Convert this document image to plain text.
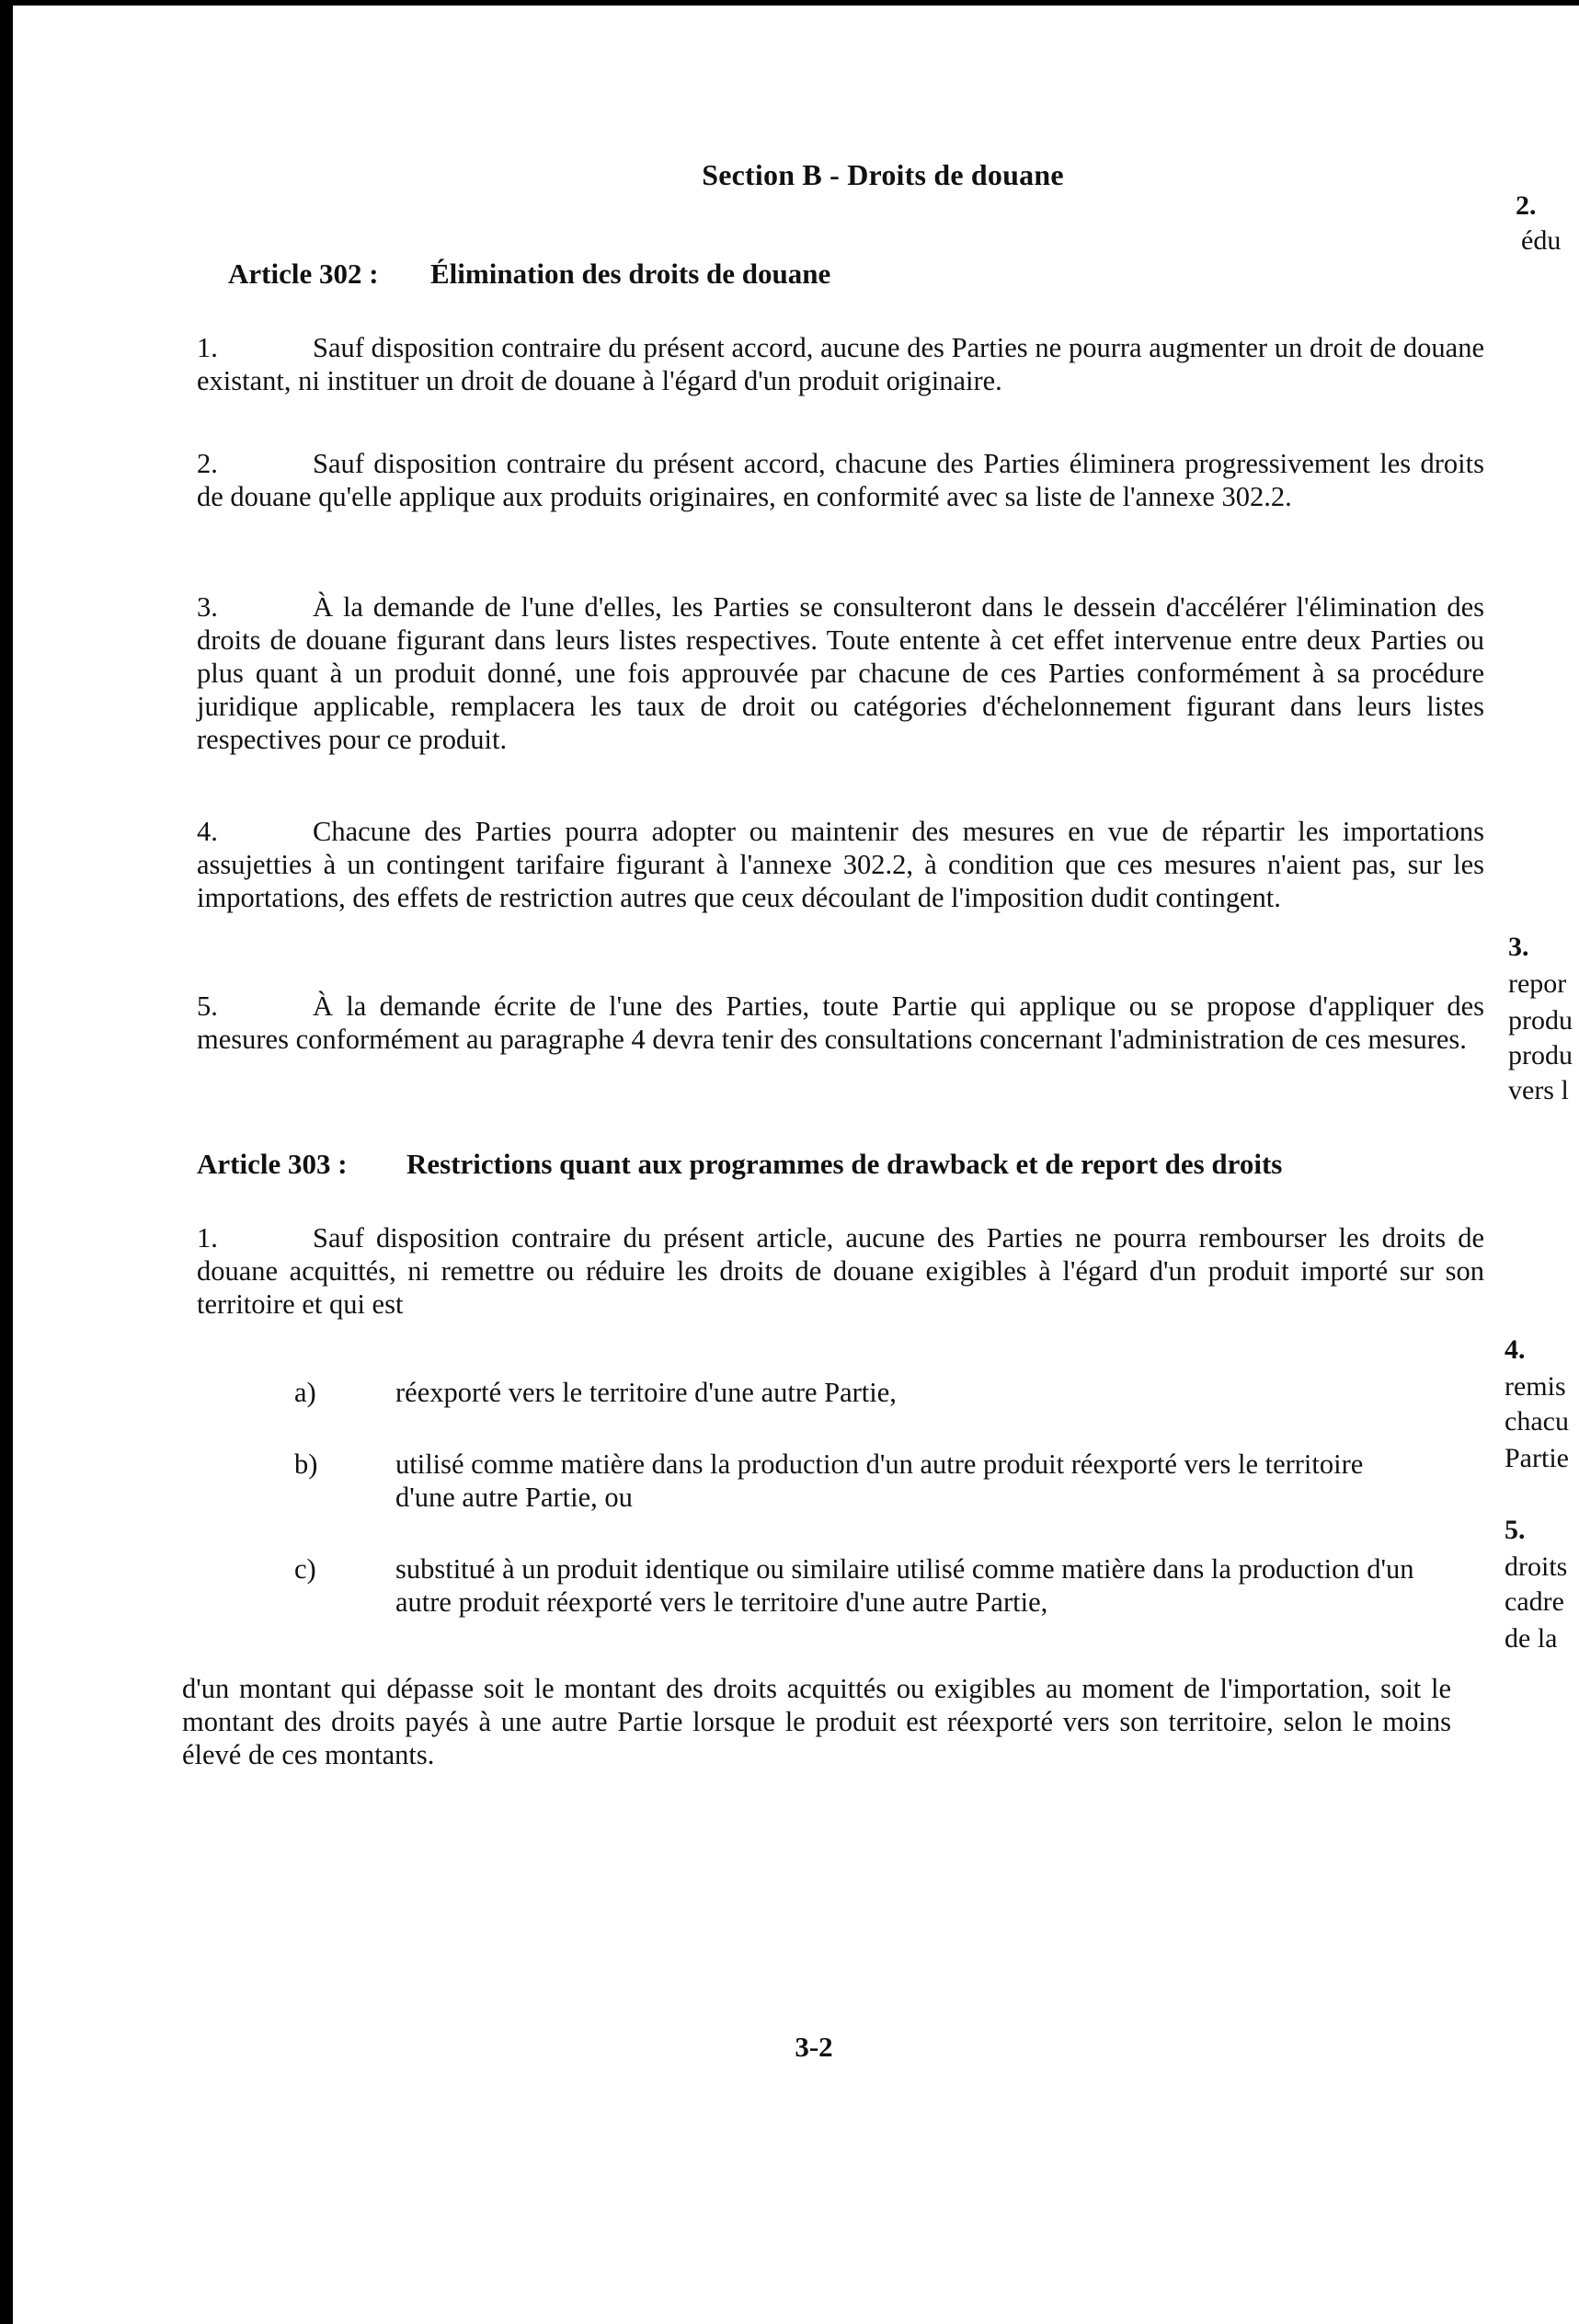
Section B - Droits de douane
Article 302 : Élimination des droits de douane
1.	Sauf disposition contraire du présent accord, aucune des Parties ne pourra augmenter un droit de douane existant, ni instituer un droit de douane à l'égard d'un produit originaire.
2.	Sauf disposition contraire du présent accord, chacune des Parties éliminera progressivement les droits de douane qu'elle applique aux produits originaires, en conformité avec sa liste de l'annexe 302.2.
3.	À la demande de l'une d'elles, les Parties se consulteront dans le dessein d'accélérer l'élimination des droits de douane figurant dans leurs listes respectives. Toute entente à cet effet intervenue entre deux Parties ou plus quant à un produit donné, une fois approuvée par chacune de ces Parties conformément à sa procédure juridique applicable, remplacera les taux de droit ou catégories d'échelonnement figurant dans leurs listes respectives pour ce produit.
4.	Chacune des Parties pourra adopter ou maintenir des mesures en vue de répartir les importations assujetties à un contingent tarifaire figurant à l'annexe 302.2, à condition que ces mesures n'aient pas, sur les importations, des effets de restriction autres que ceux découlant de l'imposition dudit contingent.
5.	À la demande écrite de l'une des Parties, toute Partie qui applique ou se propose d'appliquer des mesures conformément au paragraphe 4 devra tenir des consultations concernant l'administration de ces mesures.
Article 303 : Restrictions quant aux programmes de drawback et de report des droits
1.	Sauf disposition contraire du présent article, aucune des Parties ne pourra rembourser les droits de douane acquittés, ni remettre ou réduire les droits de douane exigibles à l'égard d'un produit importé sur son territoire et qui est
a)	réexporté vers le territoire d'une autre Partie,
b)	utilisé comme matière dans la production d'un autre produit réexporté vers le territoire d'une autre Partie, ou
c)	substitué à un produit identique ou similaire utilisé comme matière dans la production d'un autre produit réexporté vers le territoire d'une autre Partie,
d'un montant qui dépasse soit le montant des droits acquittés ou exigibles au moment de l'importation, soit le montant des droits payés à une autre Partie lorsque le produit est réexporté vers son territoire, selon le moins élevé de ces montants.
3-2
2.
édu
3.
repor
produ
produ
vers l
4.
remis
chacu
Partie
5.
droits
cadre
de la
